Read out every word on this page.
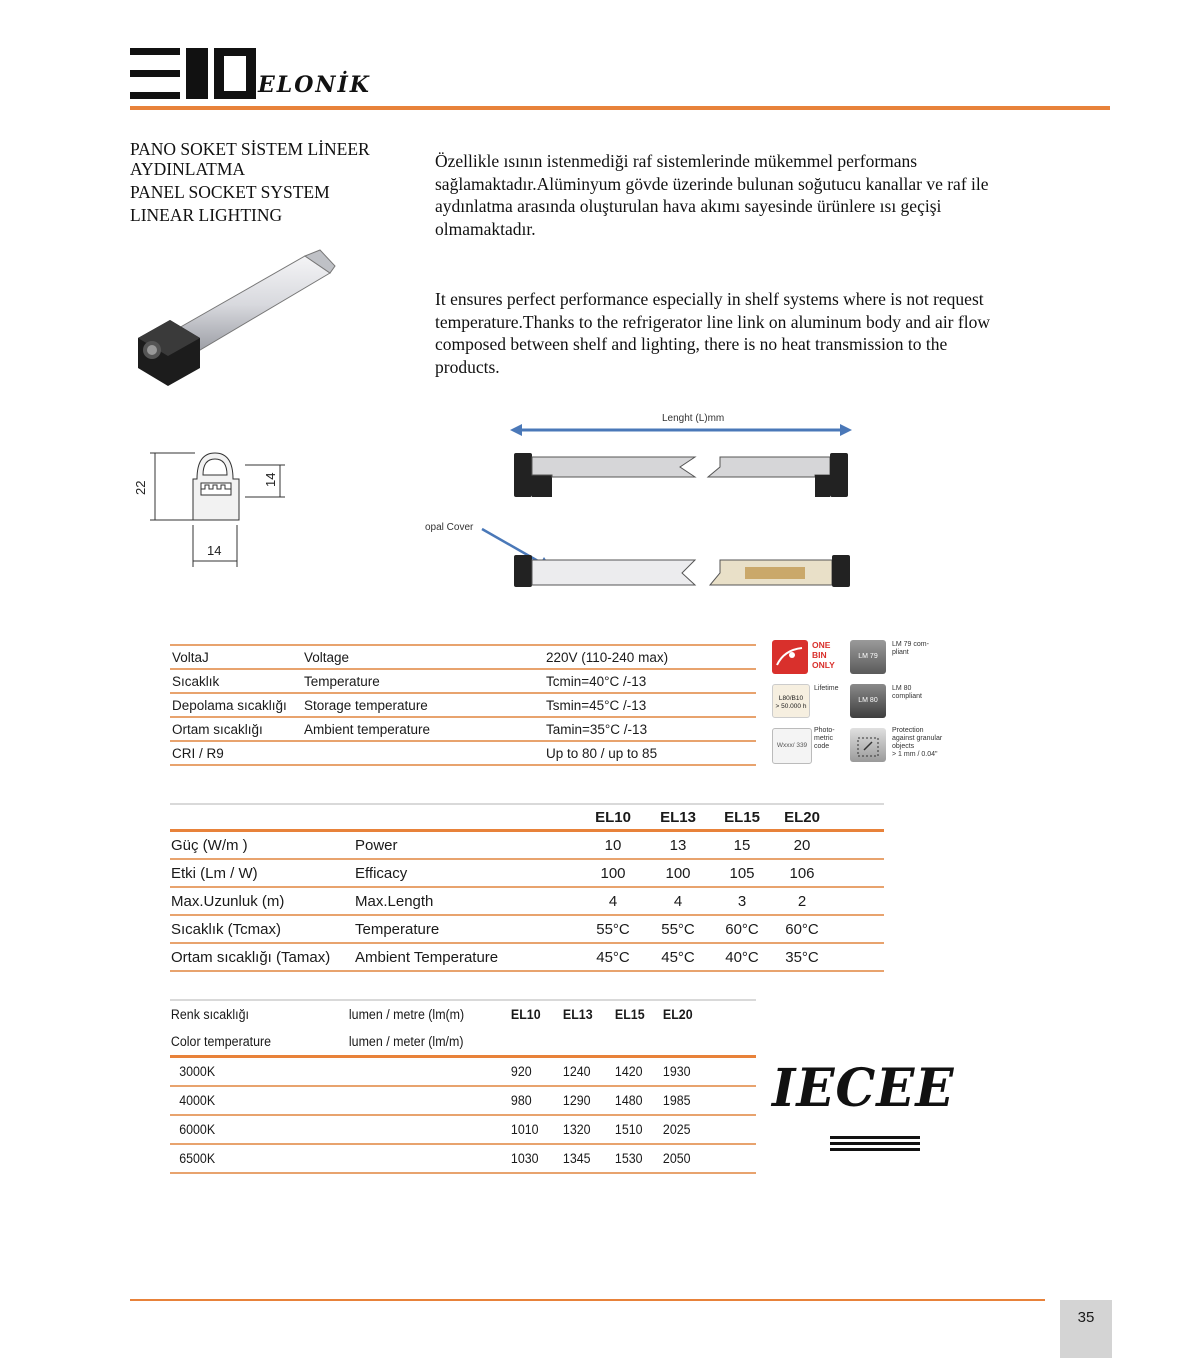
ELONİK
PANO SOKET SİSTEM LİNEER
AYDINLATMA
PANEL SOCKET SYSTEM
LINEAR LIGHTING
Özellikle ısının istenmediği raf sistemlerinde mükemmel performans sağlamaktadır.Alüminyum gövde üzerinde bulunan soğutucu kanallar ve raf ile aydınlatma arasında oluşturulan hava akımı sayesinde ürünlere ısı geçişi olmamaktadır.
It ensures perfect performance especially in shelf systems where is not request temperature.Thanks to the refrigerator line link on aluminum body and air flow composed between shelf and lighting, there is no heat transmission to the products.
22
14
14
Lenght (L)mm
opal Cover
VoltaJ	Voltage	220V (110-240 max)
Sıcaklık	Temperature	Tcmin=40°C /-13
Depolama sıcaklığı	Storage temperature	Tsmin=45°C /-13
Ortam sıcaklığı	Ambient temperature	Tamin=35°C /-13
CRI / R9		Up to 80 / up to 85
ONE
BIN
ONLY
LM 79
LM 79 com-pliant
L80/B10
> 50.000 h
Lifetime
LM 80
LM 80 compliant
Wxxx/ 339
Photo-metric code
Protection against granular objects
> 1 mm / 0.04"
		EL10	EL13	EL15	EL20	
Güç (W/m )	Power	10	13	15	20	
Etki (Lm / W)	Efficacy	100	100	105	106	
Max.Uzunluk (m)	Max.Length	4	4	3	2	
Sıcaklık (Tcmax)	Temperature	55°C	55°C	60°C	60°C	
Ortam sıcaklığı (Tamax)	Ambient Temperature	45°C	45°C	40°C	35°C	
Renk sıcaklığı	lumen / metre (lm(m)	EL10	EL13	EL15	EL20	
Color temperature	lumen / meter (lm/m)					
3000K		920	1240	1420	1930	
4000K		980	1290	1480	1985	
6000K		1010	1320	1510	2025	
6500K		1030	1345	1530	2050	
IECEE
35
